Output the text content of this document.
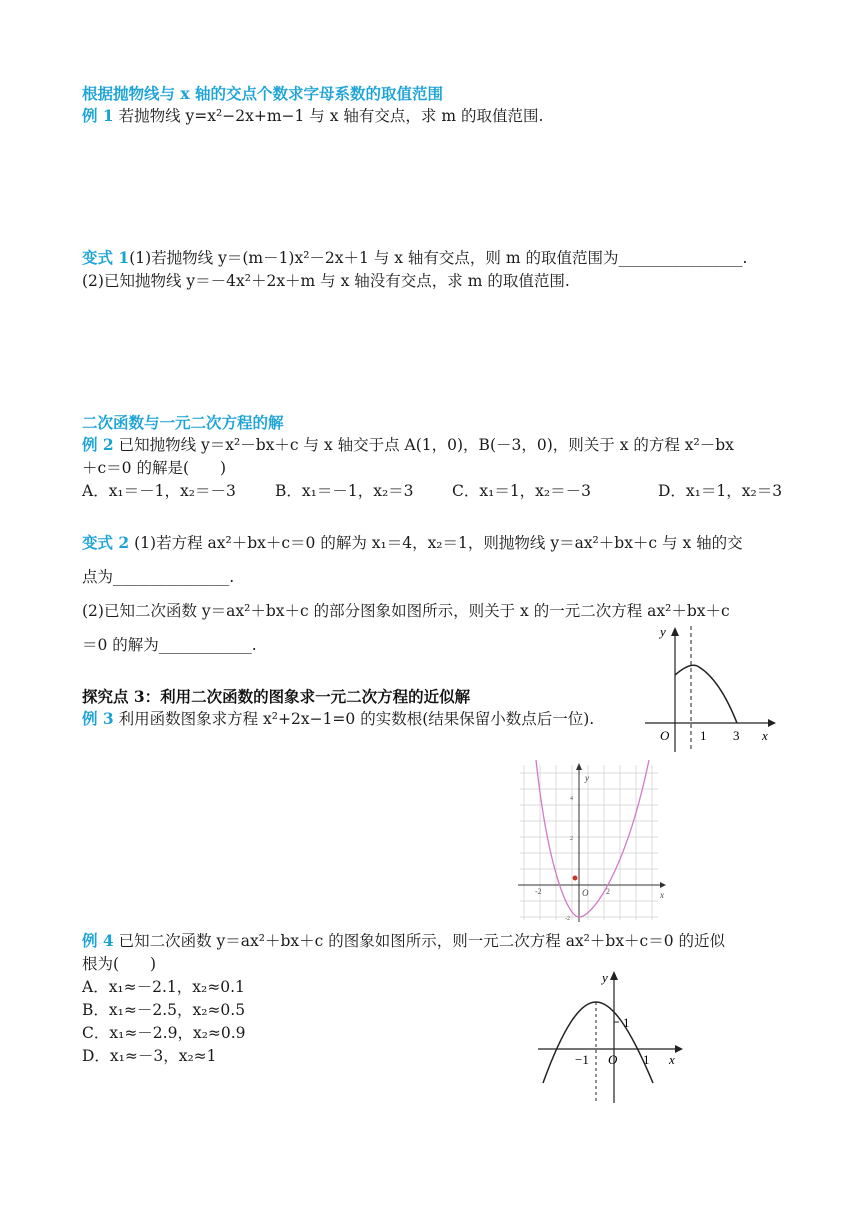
根据抛物线与 x 轴的交点个数求字母系数的取值范围
例 1 若抛物线 y=x²−2x+m−1 与 x 轴有交点，求 m 的取值范围.
变式 1(1)若抛物线 y＝(m－1)x²－2x＋1 与 x 轴有交点，则 m 的取值范围为________________.
(2)已知抛物线 y＝－4x²＋2x＋m 与 x 轴没有交点，求 m 的取值范围.
二次函数与一元二次方程的解
例 2 已知抛物线 y＝x²－bx＋c 与 x 轴交于点 A(1，0)，B(－3，0)，则关于 x 的方程 x²－bx
＋c＝0 的解是(　　)
A．x₁＝－1，x₂＝－3	B．x₁＝－1，x₂＝3 C．x₁＝1，x₂＝－3	D．x₁＝1，x₂＝3
变式 2 (1)若方程 ax²＋bx＋c＝0 的解为 x₁＝4，x₂＝1，则抛物线 y＝ax²＋bx＋c 与 x 轴的交
点为_______________.
(2)已知二次函数 y＝ax²＋bx＋c 的部分图象如图所示，则关于 x 的一元二次方程 ax²＋bx＋c
＝0 的解为____________.
探究点 3：利用二次函数的图象求一元二次方程的近似解
例 3 利用函数图象求方程 x²+2x−1=0 的实数根(结果保留小数点后一位).
例 4 已知二次函数 y＝ax²＋bx＋c 的图象如图所示，则一元二次方程 ax²＋bx＋c＝0 的近似
根为(　　)
A．x₁≈－2.1，x₂≈0.1
B．x₁≈－2.5，x₂≈0.5
C．x₁≈－2.9，x₂≈0.9
D．x₁≈－3，x₂≈1
y
x
O 1 3
y
x
O
-2	2
4
2
-2
y
x
O
−1	1
1
